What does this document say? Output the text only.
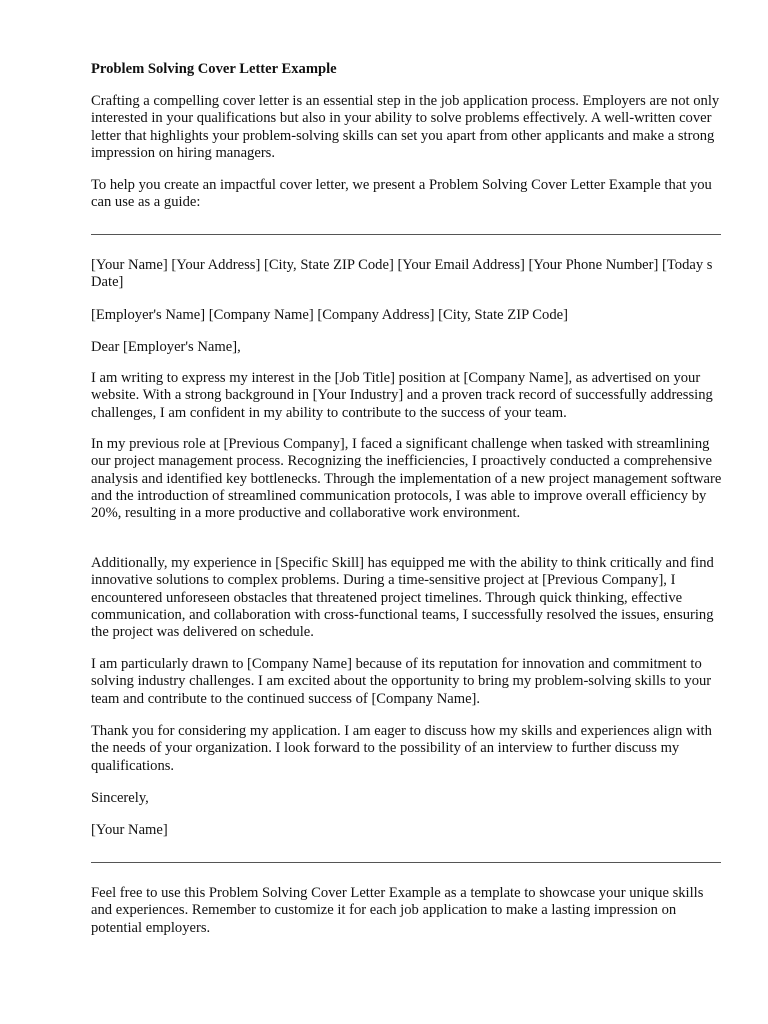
Problem Solving Cover Letter Example

Crafting a compelling cover letter is an essential step in the job application process. Employers are not only interested in your qualifications but also in your ability to solve problems effectively. A well-written cover letter that highlights your problem-solving skills can set you apart from other applicants and make a strong impression on hiring managers.

To help you create an impactful cover letter, we present a Problem Solving Cover Letter Example that you can use as a guide:

[Your Name] [Your Address] [City, State ZIP Code] [Your Email Address] [Your Phone Number] [Today s Date]

[Employer's Name] [Company Name] [Company Address] [City, State ZIP Code]

Dear [Employer's Name],

I am writing to express my interest in the [Job Title] position at [Company Name], as advertised on your website. With a strong background in [Your Industry] and a proven track record of successfully addressing challenges, I am confident in my ability to contribute to the success of your team.

In my previous role at [Previous Company], I faced a significant challenge when tasked with streamlining our project management process. Recognizing the inefficiencies, I proactively conducted a comprehensive analysis and identified key bottlenecks. Through the implementation of a new project management software and the introduction of streamlined communication protocols, I was able to improve overall efficiency by 20%, resulting in a more productive and collaborative work environment.

Additionally, my experience in [Specific Skill] has equipped me with the ability to think critically and find innovative solutions to complex problems. During a time-sensitive project at [Previous Company], I encountered unforeseen obstacles that threatened project timelines. Through quick thinking, effective communication, and collaboration with cross-functional teams, I successfully resolved the issues, ensuring the project was delivered on schedule.

I am particularly drawn to [Company Name] because of its reputation for innovation and commitment to solving industry challenges. I am excited about the opportunity to bring my problem-solving skills to your team and contribute to the continued success of [Company Name].

Thank you for considering my application. I am eager to discuss how my skills and experiences align with the needs of your organization. I look forward to the possibility of an interview to further discuss my qualifications.

Sincerely,

[Your Name]

Feel free to use this Problem Solving Cover Letter Example as a template to showcase your unique skills and experiences. Remember to customize it for each job application to make a lasting impression on potential employers.
